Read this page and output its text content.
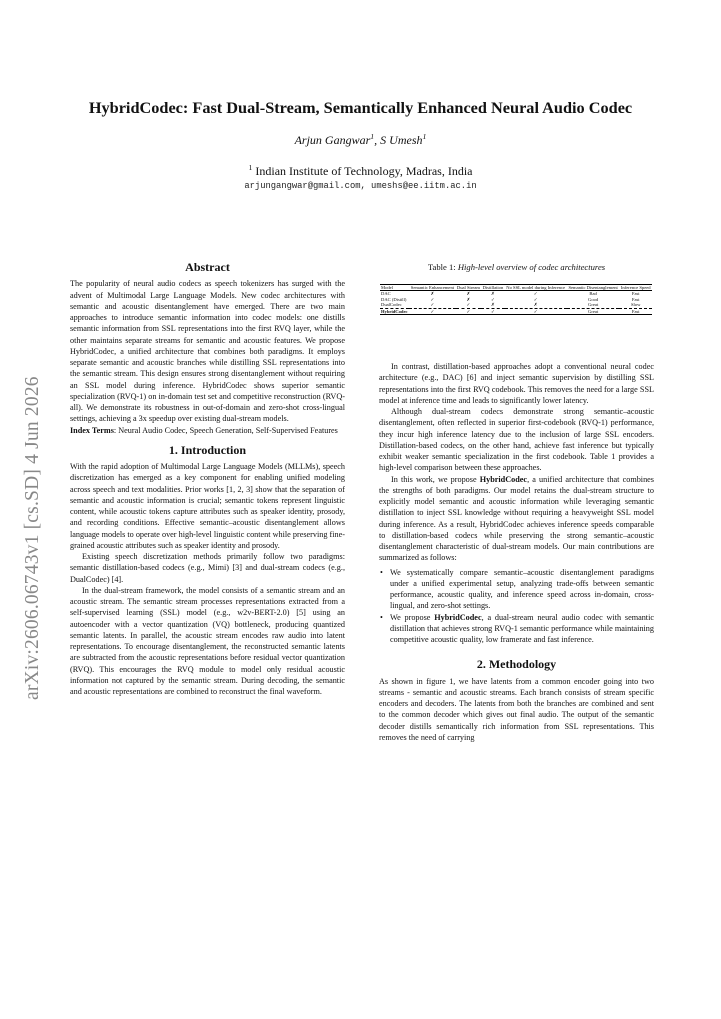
arXiv:2606.06743v1 [cs.SD] 4 Jun 2026
HybridCodec: Fast Dual-Stream, Semantically Enhanced Neural Audio Codec
Arjun Gangwar$^1$, S Umesh$^1$
$^1$ Indian Institute of Technology, Madras, India
arjungangwar@gmail.com, umeshs@ee.iitm.ac.in

Abstract

The popularity of neural audio codecs as speech tokenizers has surged with the advent of Multimodal Large Language Models. New codec architectures with semantic and acoustic disentanglement have emerged. There are two main approaches to introduce semantic information into codec models: one distills semantic information from SSL representations into the first RVQ layer, while the other maintains separate streams for semantic and acoustic features. We propose HybridCodec, a unified architecture that combines both paradigms. It employs separate semantic and acoustic branches while distilling SSL representations into the semantic stream. This design ensures strong disentanglement without requiring an SSL model during inference. HybridCodec shows superior semantic specialization (RVQ-1) on in-domain test set and competitive reconstruction (RVQ-all). We demonstrate its robustness in out-of-domain and zero-shot cross-lingual settings, achieving a 3x speedup over existing dual-stream models.

Index Terms: Neural Audio Codec, Speech Generation, Self-Supervised Features

1. Introduction

With the rapid adoption of Multimodal Large Language Models (MLLMs), speech discretization has emerged as a key component for enabling unified modeling across speech and text modalities. Prior works [1, 2, 3] show that the separation of semantic and acoustic information is crucial; semantic tokens represent linguistic content, while acoustic tokens capture attributes such as speaker identity, prosody, and recording conditions. Effective semantic–acoustic disentanglement allows language models to operate over high-level linguistic content while preserving fine-grained acoustic attributes such as speaker identity and prosody.

Existing speech discretization methods primarily follow two paradigms: semantic distillation-based codecs (e.g., Mimi) [3] and dual-stream codecs (e.g., DualCodec) [4].

In the dual-stream framework, the model consists of a semantic stream and an acoustic stream. The semantic stream processes representations extracted from a self-supervised learning (SSL) model (e.g., w2v-BERT-2.0) [5] using an autoencoder with a vector quantization (VQ) bottleneck, producing quantized semantic latents. In parallel, the acoustic stream encodes raw audio into latent representations. To encourage disentanglement, the reconstructed semantic latents are subtracted from the acoustic representations before residual vector quantization (RVQ). This encourages the RVQ module to model only residual acoustic information not captured by the semantic stream. During decoding, the semantic and acoustic representations are combined to reconstruct the final waveform.

Table 1: High-level overview of codec architectures
Model	Semantic Enhancement	Dual Stream	Distillation	No SSL model during Inference	Semantic Disentanglement	Inference Speed
DAC	✗	✗	✗	✓	Bad	Fast
DAC (Distill)	✓	✗	✓	✓	Good	Fast
DualCodec	✓	✓	✗	✗	Great	Slow
HybridCodec	✓	✓	✓	✓	Great	Fast

In contrast, distillation-based approaches adopt a conventional neural codec architecture (e.g., DAC) [6] and inject semantic supervision by distilling SSL representations into the first RVQ codebook. This removes the need for a large SSL model at inference time and leads to significantly lower latency.

Although dual-stream codecs demonstrate strong semantic–acoustic disentanglement, often reflected in superior first-codebook (RVQ-1) performance, they incur high inference latency due to the inclusion of large SSL encoders. Distillation-based codecs, on the other hand, achieve fast inference but typically exhibit weaker semantic specialization in the first codebook. Table 1 provides a high-level comparison between these approaches.

In this work, we propose HybridCodec, a unified architecture that combines the strengths of both paradigms. Our model retains the dual-stream structure to explicitly model semantic and acoustic information while leveraging semantic distillation to inject SSL knowledge without requiring a heavyweight SSL model during inference. As a result, HybridCodec achieves inference speeds comparable to distillation-based codecs while preserving the strong semantic–acoustic disentanglement characteristic of dual-stream models. Our main contributions are summarized as follows:

• We systematically compare semantic–acoustic disentanglement paradigms under a unified experimental setup, analyzing trade-offs between semantic performance, acoustic quality, and inference speed across in-domain, cross-lingual, and zero-shot settings.
• We propose HybridCodec, a dual-stream neural audio codec with semantic distillation that achieves strong RVQ-1 semantic performance while maintaining competitive acoustic quality, low framerate and fast inference.

2. Methodology

As shown in figure 1, we have latents from a common encoder going into two streams - semantic and acoustic streams. Each branch consists of stream specific encoders and decoders. The latents from both the branches are combined and sent to the common decoder which gives out final audio. The output of the semantic decoder distills semantically rich information from SSL representations. This removes the need of carrying
